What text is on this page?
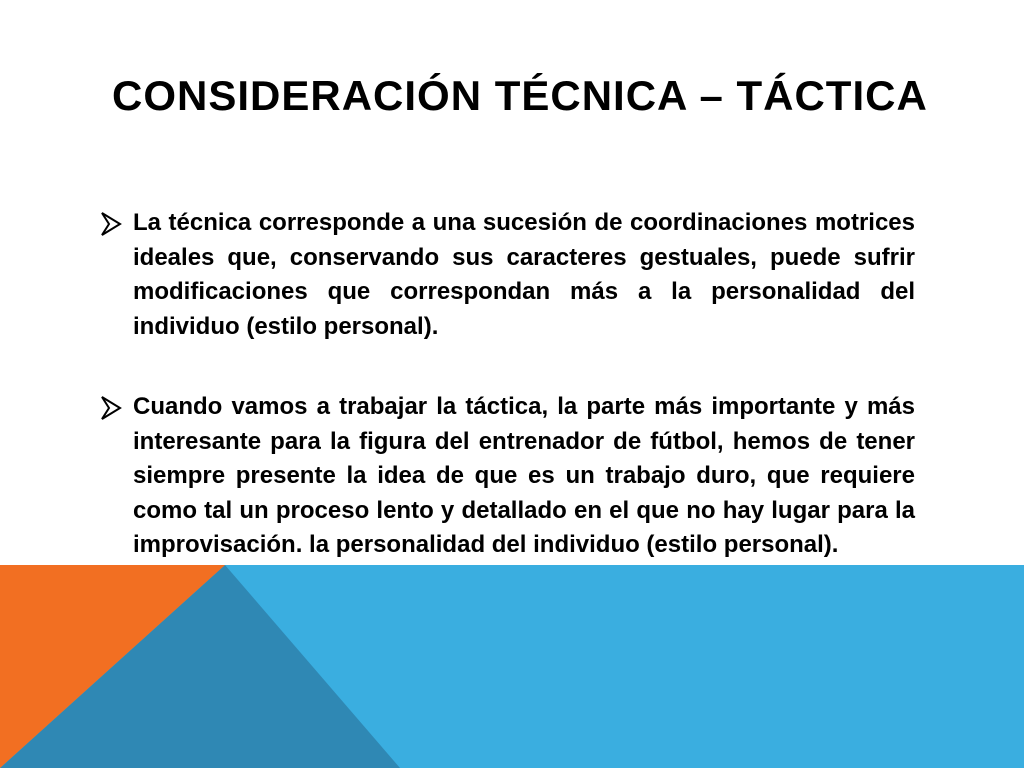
CONSIDERACIÓN TÉCNICA – TÁCTICA

La técnica corresponde a una sucesión de coordinaciones motrices ideales que, conservando sus caracteres gestuales, puede sufrir modificaciones que correspondan más a la personalidad del individuo (estilo personal).

Cuando vamos a trabajar la táctica, la parte más importante y más interesante para la figura del entrenador de fútbol, hemos de tener siempre presente la idea de que es un trabajo duro, que requiere como tal un proceso lento y detallado en el que no hay lugar para la improvisación. la personalidad del individuo (estilo personal).
